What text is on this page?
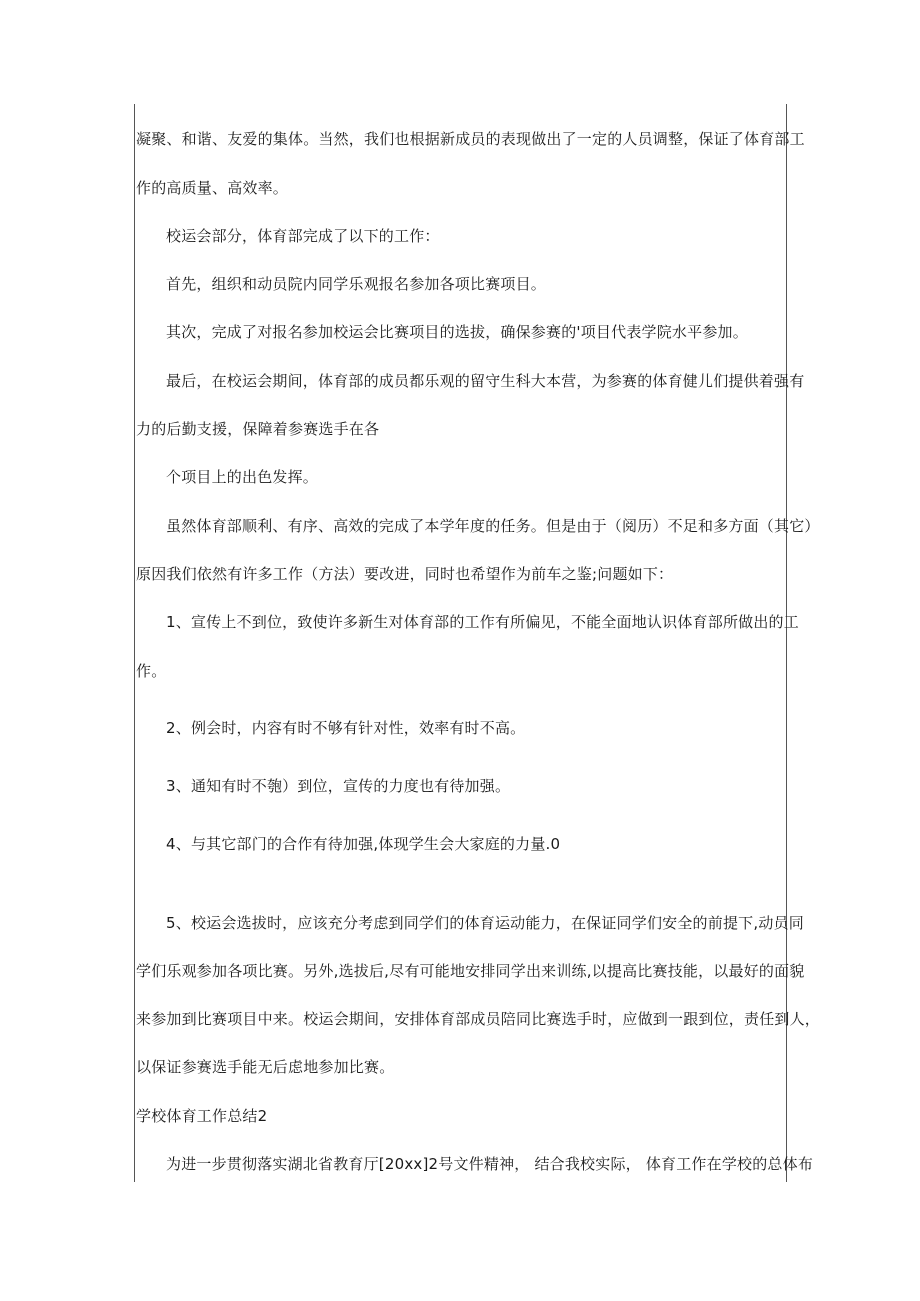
凝聚、和谐、友爱的集体。当然，我们也根据新成员的表现做出了一定的人员调整，保证了体育部工
作的高质量、高效率。
校运会部分，体育部完成了以下的工作：
首先，组织和动员院内同学乐观报名参加各项比赛项目。
其次，完成了对报名参加校运会比赛项目的选拔，确保参赛的'项目代表学院水平参加。
最后，在校运会期间，体育部的成员都乐观的留守生科大本营，为参赛的体育健儿们提供着强有
力的后勤支援，保障着参赛选手在各
个项目上的出色发挥。
虽然体育部顺利、有序、高效的完成了本学年度的任务。但是由于（阅历）不足和多方面（其它）
原因我们依然有许多工作（方法）要改进，同时也希望作为前车之鉴;问题如下：
1、宣传上不到位，致使许多新生对体育部的工作有所偏见，不能全面地认识体育部所做出的工
作。
2、例会时，内容有时不够有针对性，效率有时不高。
3、通知有时不匏）到位，宣传的力度也有待加强。
4、与其它部门的合作有待加强,体现学生会大家庭的力量.0
5、校运会选拔时，应该充分考虑到同学们的体育运动能力，在保证同学们安全的前提下,动员同
学们乐观参加各项比赛。另外,选拔后,尽有可能地安排同学出来训练,以提高比赛技能，以最好的面貌
来参加到比赛项目中来。校运会期间，安排体育部成员陪同比赛选手时，应做到一跟到位，责任到人，
以保证参赛选手能无后虑地参加比赛。
学校体育工作总结2
为进一步贯彻落实湖北省教育厅[20xx]2号文件精神， 结合我校实际， 体育工作在学校的总体布
